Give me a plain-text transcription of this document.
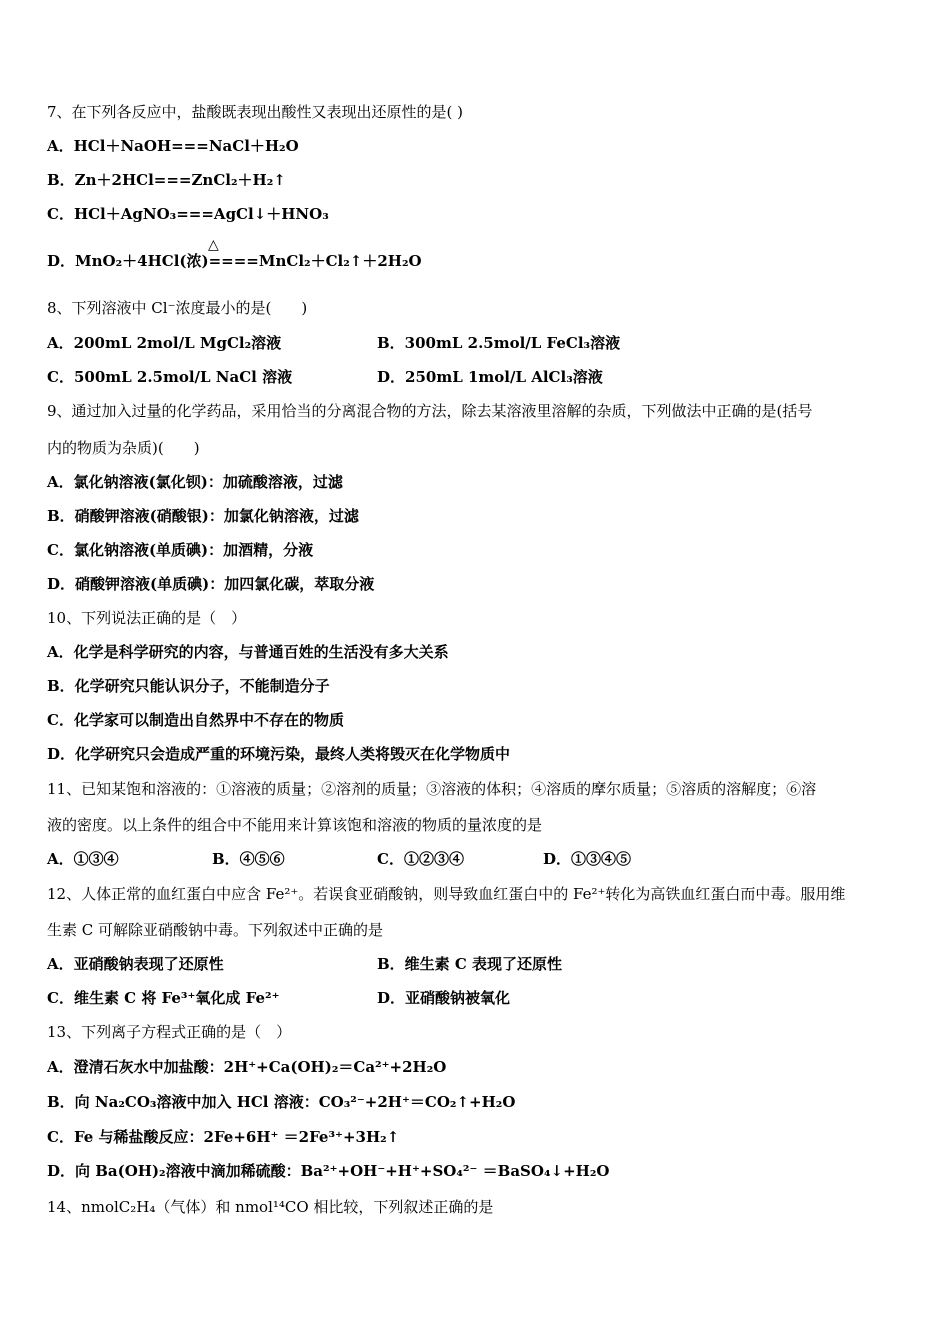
7、在下列各反应中，盐酸既表现出酸性又表现出还原性的是( )
A．HCl＋NaOH===NaCl＋H₂O
B．Zn＋2HCl===ZnCl₂＋H₂↑
C．HCl＋AgNO₃===AgCl↓＋HNO₃
△
D．MnO₂＋4HCl(浓)====MnCl₂＋Cl₂↑＋2H₂O
8、下列溶液中 Cl⁻浓度最小的是(　　)
A．200mL 2mol/L MgCl₂溶液	B．300mL 2.5mol/L FeCl₃溶液
C．500mL 2.5mol/L NaCl 溶液	D．250mL 1mol/L AlCl₃溶液
9、通过加入过量的化学药品，采用恰当的分离混合物的方法，除去某溶液里溶解的杂质，下列做法中正确的是(括号
内的物质为杂质)(　　)
A．氯化钠溶液(氯化钡)：加硫酸溶液，过滤
B．硝酸钾溶液(硝酸银)：加氯化钠溶液，过滤
C．氯化钠溶液(单质碘)：加酒精，分液
D．硝酸钾溶液(单质碘)：加四氯化碳，萃取分液
10、下列说法正确的是（　）
A．化学是科学研究的内容，与普通百姓的生活没有多大关系
B．化学研究只能认识分子，不能制造分子
C．化学家可以制造出自然界中不存在的物质
D．化学研究只会造成严重的环境污染，最终人类将毁灭在化学物质中
11、已知某饱和溶液的：①溶液的质量；②溶剂的质量；③溶液的体积；④溶质的摩尔质量；⑤溶质的溶解度；⑥溶
液的密度。以上条件的组合中不能用来计算该饱和溶液的物质的量浓度的是
A．①③④	B．④⑤⑥	C．①②③④	D．①③④⑤
12、人体正常的血红蛋白中应含 Fe²⁺。若误食亚硝酸钠，则导致血红蛋白中的 Fe²⁺转化为高铁血红蛋白而中毒。服用维
生素 C 可解除亚硝酸钠中毒。下列叙述中正确的是
A．亚硝酸钠表现了还原性	B．维生素 C 表现了还原性
C．维生素 C 将 Fe³⁺氧化成 Fe²⁺	D．亚硝酸钠被氧化
13、下列离子方程式正确的是（　）
A．澄清石灰水中加盐酸：2H⁺+Ca(OH)₂＝Ca²⁺+2H₂O
B．向 Na₂CO₃溶液中加入 HCl 溶液：CO₃²⁻+2H⁺＝CO₂↑+H₂O
C．Fe 与稀盐酸反应：2Fe+6H⁺ ＝2Fe³⁺+3H₂↑
D．向 Ba(OH)₂溶液中滴加稀硫酸：Ba²⁺+OH⁻+H⁺+SO₄²⁻ ＝BaSO₄↓+H₂O
14、nmolC₂H₄（气体）和 nmol¹⁴CO 相比较，下列叙述正确的是
